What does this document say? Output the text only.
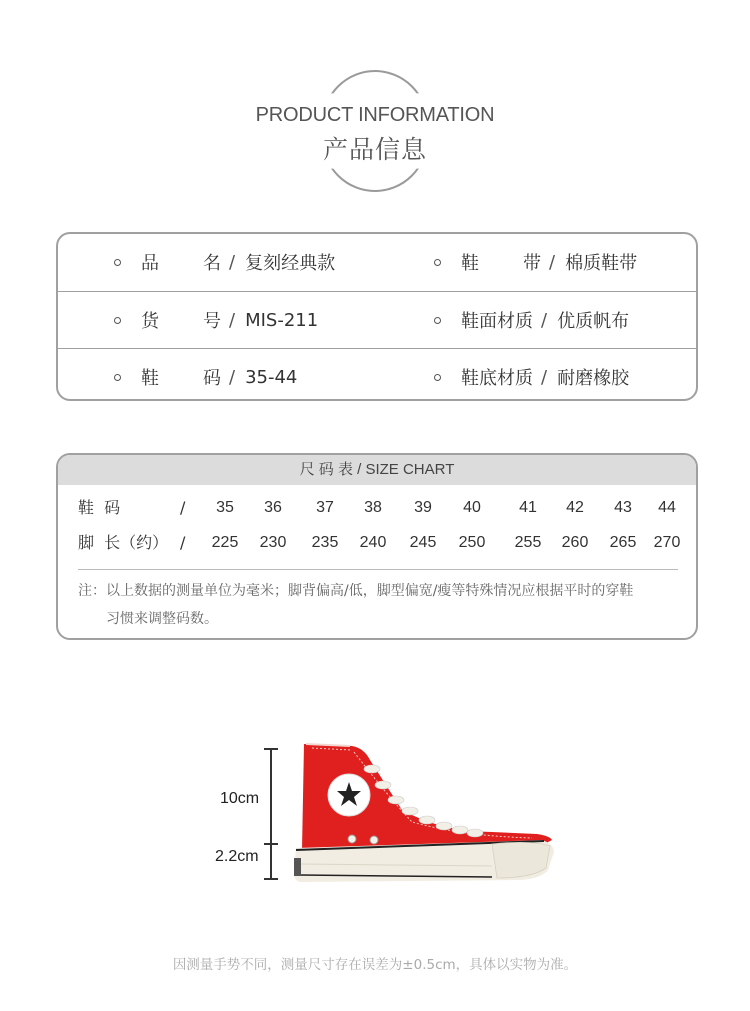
PRODUCT INFORMATION
产品信息
品 名 / 复刻经典款	鞋 带 / 棉质鞋带
货 号 / MIS-211	鞋面材质 / 优质帆布
鞋 码 / 35-44	鞋底材质 / 耐磨橡胶
尺 码 表 / SIZE CHART
鞋  码	/	35	36	37	38	39	40	41	42	43	44
脚  长（约） /	225	230	235	240	245	250	255	260	265	270
注：以上数据的测量单位为毫米；脚背偏高/低，脚型偏宽/瘦等特殊情况应根据平时的穿鞋
习惯来调整码数。
10cm
2.2cm
因测量手势不同，测量尺寸存在误差为±0.5cm，具体以实物为准。
